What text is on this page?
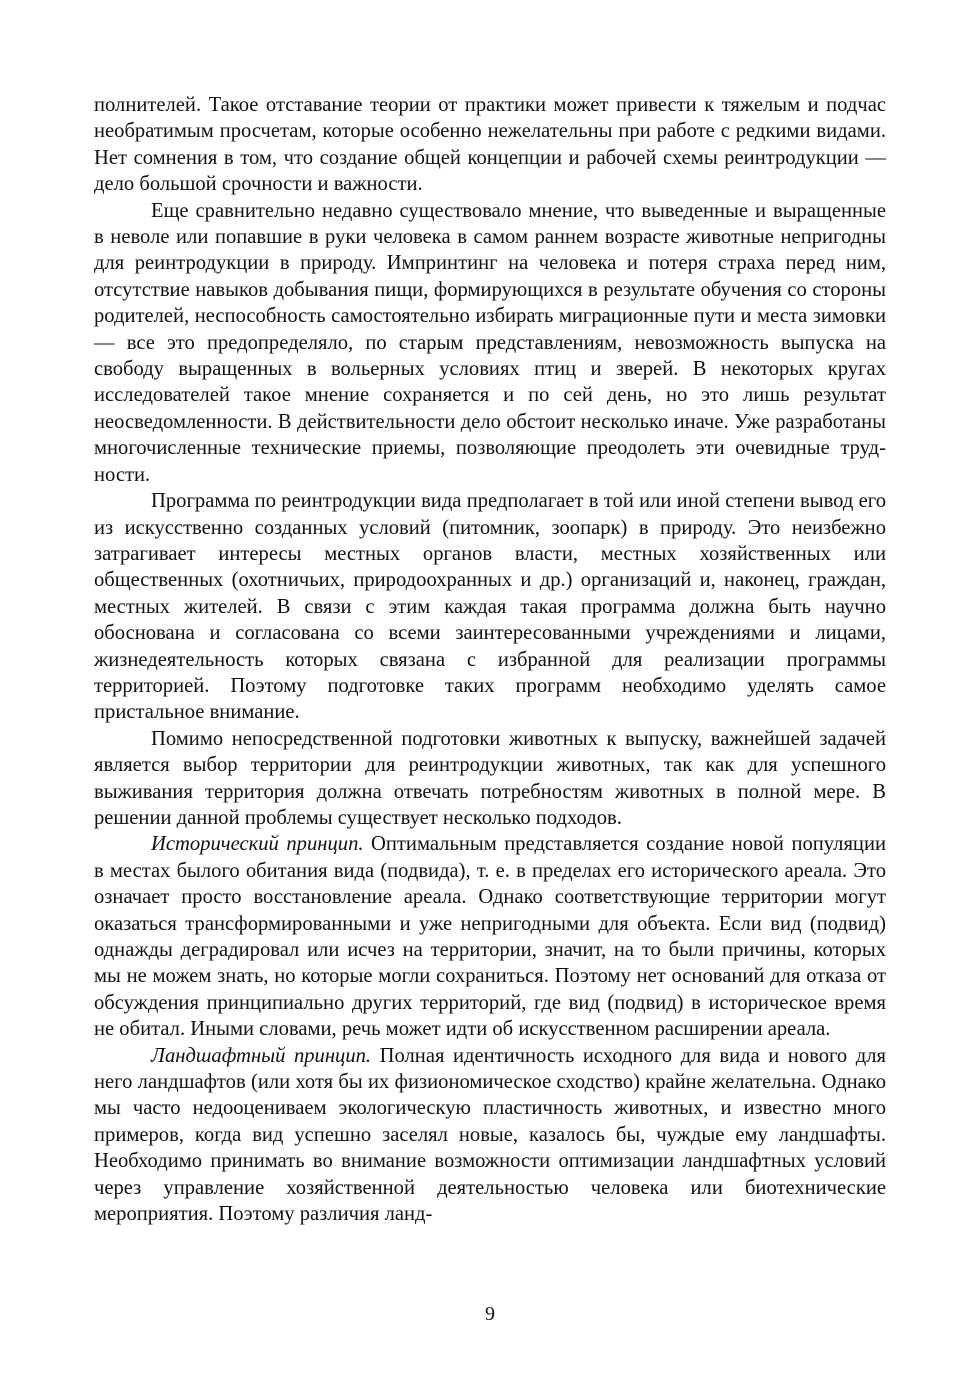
полнителей. Такое отставание теории от практики может привести к тяжелым и подчас необратимым просчетам, которые особенно нежелательны при работе с редкими видами. Нет сомнения в том, что создание общей концепции и рабочей схемы реинтродукции — дело большой срочности и важности.

Еще сравнительно недавно существовало мнение, что выведенные и выращенные в неволе или попавшие в руки человека в самом раннем возрасте животные непригодны для реинтродукции в природу. Импринтинг на человека и потеря страха перед ним, отсутствие навыков добывания пищи, формирующихся в результате обучения со стороны родителей, неспособность самостоятельно избирать миграционные пути и места зимовки — все это предопределяло, по старым представлениям, невозможность выпуска на свободу выращенных в вольерных условиях птиц и зверей. В некоторых кругах исследователей такое мнение сохраняется и по сей день, но это лишь результат неосведомленности. В действительности дело обстоит несколько иначе. Уже разработаны многочисленные технические приемы, позволяющие преодолеть эти очевидные трудности.

Программа по реинтродукции вида предполагает в той или иной степени вывод его из искусственно созданных условий (питомник, зоопарк) в природу. Это неизбежно затрагивает интересы местных органов власти, местных хозяйственных или общественных (охотничьих, природоохранных и др.) организаций и, наконец, граждан, местных жителей. В связи с этим каждая такая программа должна быть научно обоснована и согласована со всеми заинтересованными учреждениями и лицами, жизнедеятельность которых связана с избранной для реализации программы территорией. Поэтому подготовке таких программ необходимо уделять самое пристальное внимание.

Помимо непосредственной подготовки животных к выпуску, важнейшей задачей является выбор территории для реинтродукции животных, так как для успешного выживания территория должна отвечать потребностям животных в полной мере. В решении данной проблемы существует несколько подходов.

Исторический принцип. Оптимальным представляется создание новой популяции в местах былого обитания вида (подвида), т. е. в пределах его исторического ареала. Это означает просто восстановление ареала. Однако соответствующие территории могут оказаться трансформированными и уже непригодными для объекта. Если вид (подвид) однажды деградировал или исчез на территории, значит, на то были причины, которых мы не можем знать, но которые могли сохраниться. Поэтому нет оснований для отказа от обсуждения принципиально других территорий, где вид (подвид) в историческое время не обитал. Иными словами, речь может идти об искусственном расширении ареала.

Ландшафтный принцип. Полная идентичность исходного для вида и нового для него ландшафтов (или хотя бы их физиономическое сходство) крайне желательна. Однако мы часто недооцениваем экологическую пластичность животных, и известно много примеров, когда вид успешно заселял новые, казалось бы, чуждые ему ландшафты. Необходимо принимать во внимание возможности оптимизации ландшафтных условий через управление хозяйственной деятельностью человека или биотехнические мероприятия. Поэтому различия ланд-

9
